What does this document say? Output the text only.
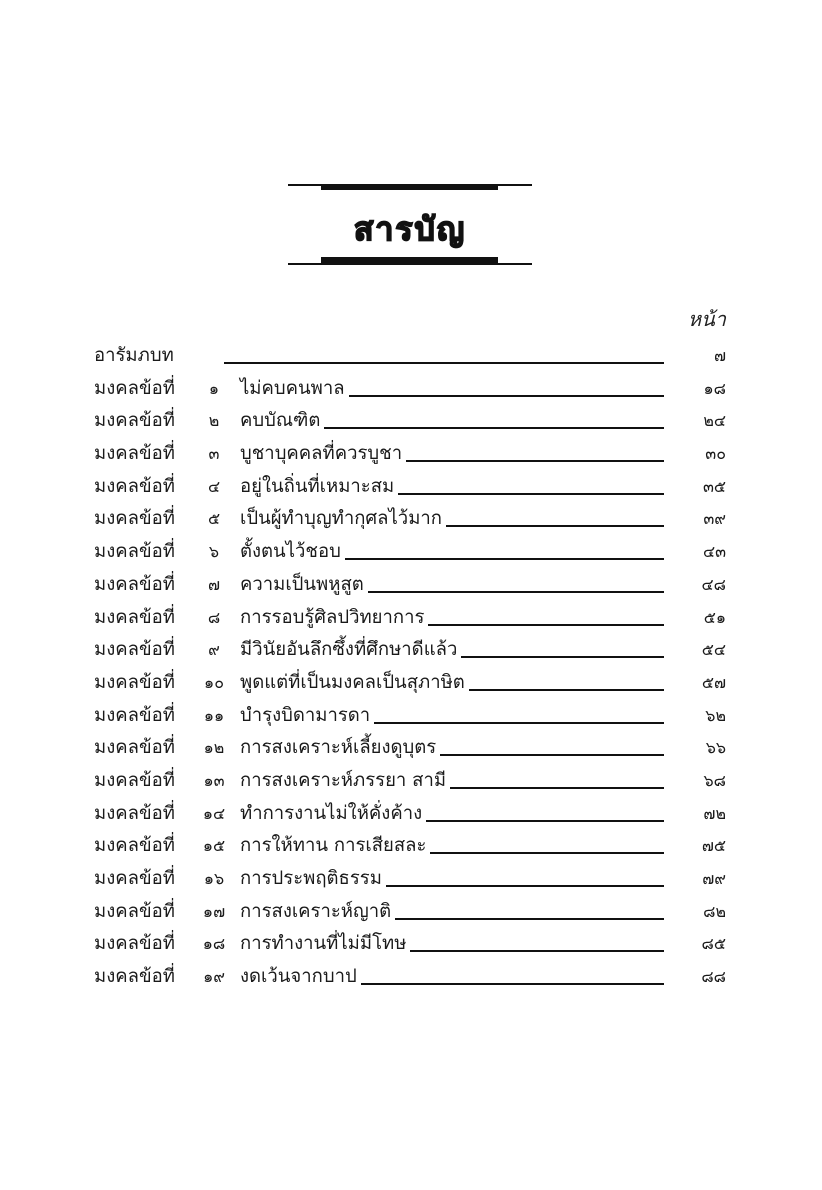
สารบัญ
หน้า
อารัมภบท	๗
มงคลข้อที่	๑	ไม่คบคนพาล	๑๘
มงคลข้อที่	๒	คบบัณฑิต	๒๔
มงคลข้อที่	๓	บูชาบุคคลที่ควรบูชา	๓๐
มงคลข้อที่	๔	อยู่ในถิ่นที่เหมาะสม	๓๕
มงคลข้อที่	๕	เป็นผู้ทำบุญทำกุศลไว้มาก	๓๙
มงคลข้อที่	๖	ตั้งตนไว้ชอบ	๔๓
มงคลข้อที่	๗	ความเป็นพหูสูต	๔๘
มงคลข้อที่	๘	การรอบรู้ศิลปวิทยาการ	๕๑
มงคลข้อที่	๙	มีวินัยอันลึกซึ้งที่ศึกษาดีแล้ว	๕๔
มงคลข้อที่	๑๐ พูดแต่ที่เป็นมงคลเป็นสุภาษิต	๕๗
มงคลข้อที่	๑๑ บำรุงบิดามารดา	๖๒
มงคลข้อที่	๑๒ การสงเคราะห์เลี้ยงดูบุตร	๖๖
มงคลข้อที่	๑๓ การสงเคราะห์ภรรยา สามี	๖๘
มงคลข้อที่	๑๔ ทำการงานไม่ให้คั่งค้าง	๗๒
มงคลข้อที่	๑๕ การให้ทาน การเสียสละ	๗๕
มงคลข้อที่	๑๖ การประพฤติธรรม	๗๙
มงคลข้อที่	๑๗ การสงเคราะห์ญาติ	๘๒
มงคลข้อที่	๑๘ การทำงานที่ไม่มีโทษ	๘๕
มงคลข้อที่	๑๙ งดเว้นจากบาป	๘๘
